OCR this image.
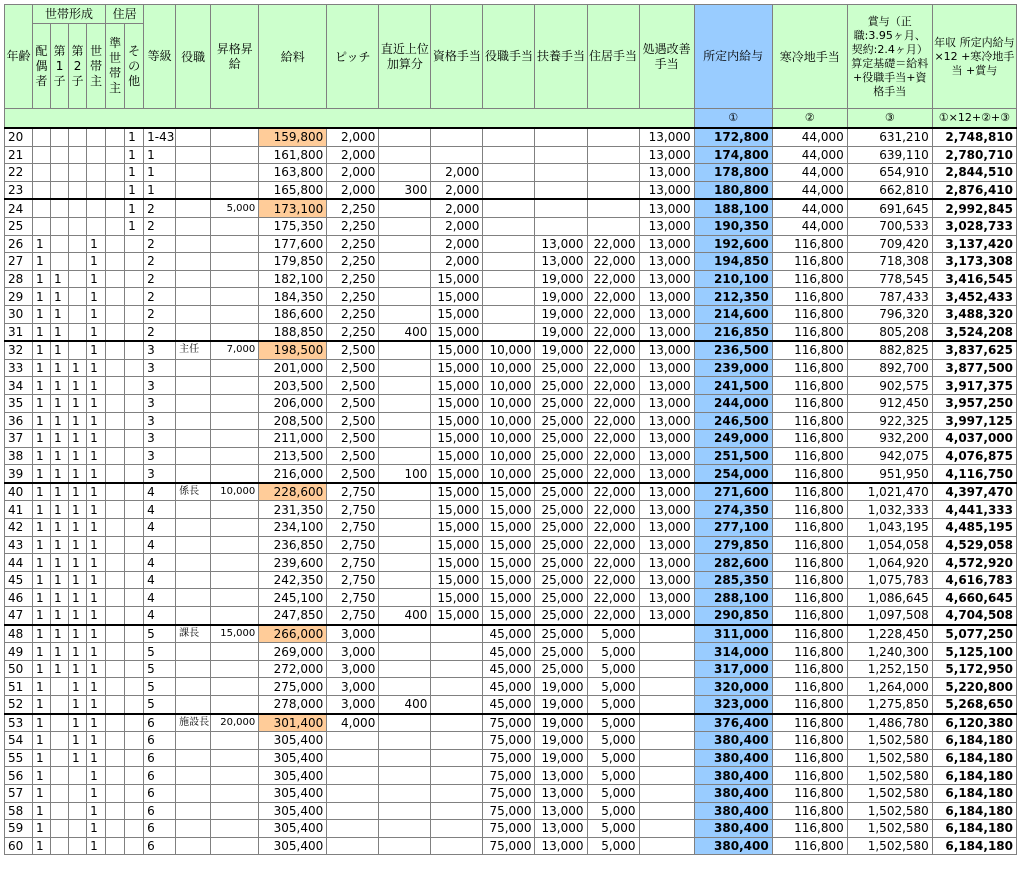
年齢	世帯形成				住居		等級	役職	昇格昇給	給料	ピッチ	直近上位加算分	資格手当	役職手当	扶養手当	住居手当	処遇改善手当	所定内給与	寒冷地手当	賞与（正職:3.95ヶ月、契約:2.4ヶ月）算定基礎＝給料+役職手当+資格手当	年収 所定内給与×12 +寒冷地手当 +賞与
	配偶者	第1子	第2子	世帯主	準世帯主	その他															
																		①	②	③	①×12+②+③
20						1	1-43			159,800	2,000						13,000	172,800	44,000	631,210	2,748,810
21						1	1			161,800	2,000						13,000	174,800	44,000	639,110	2,780,710
22						1	1			163,800	2,000		2,000				13,000	178,800	44,000	654,910	2,844,510
23						1	1			165,800	2,000	300	2,000				13,000	180,800	44,000	662,810	2,876,410
24						1	2		5,000	173,100	2,250		2,000				13,000	188,100	44,000	691,645	2,992,845
25						1	2			175,350	2,250		2,000				13,000	190,350	44,000	700,533	3,028,733
26	1			1			2			177,600	2,250		2,000		13,000	22,000	13,000	192,600	116,800	709,420	3,137,420
27	1			1			2			179,850	2,250		2,000		13,000	22,000	13,000	194,850	116,800	718,308	3,173,308
28	1	1		1			2			182,100	2,250		15,000		19,000	22,000	13,000	210,100	116,800	778,545	3,416,545
29	1	1		1			2			184,350	2,250		15,000		19,000	22,000	13,000	212,350	116,800	787,433	3,452,433
30	1	1		1			2			186,600	2,250		15,000		19,000	22,000	13,000	214,600	116,800	796,320	3,488,320
31	1	1		1			2			188,850	2,250	400	15,000		19,000	22,000	13,000	216,850	116,800	805,208	3,524,208
32	1	1		1			3	主任	7,000	198,500	2,500		15,000	10,000	19,000	22,000	13,000	236,500	116,800	882,825	3,837,625
33	1	1	1	1			3			201,000	2,500		15,000	10,000	25,000	22,000	13,000	239,000	116,800	892,700	3,877,500
34	1	1	1	1			3			203,500	2,500		15,000	10,000	25,000	22,000	13,000	241,500	116,800	902,575	3,917,375
35	1	1	1	1			3			206,000	2,500		15,000	10,000	25,000	22,000	13,000	244,000	116,800	912,450	3,957,250
36	1	1	1	1			3			208,500	2,500		15,000	10,000	25,000	22,000	13,000	246,500	116,800	922,325	3,997,125
37	1	1	1	1			3			211,000	2,500		15,000	10,000	25,000	22,000	13,000	249,000	116,800	932,200	4,037,000
38	1	1	1	1			3			213,500	2,500		15,000	10,000	25,000	22,000	13,000	251,500	116,800	942,075	4,076,875
39	1	1	1	1			3			216,000	2,500	100	15,000	10,000	25,000	22,000	13,000	254,000	116,800	951,950	4,116,750
40	1	1	1	1			4	係長	10,000	228,600	2,750		15,000	15,000	25,000	22,000	13,000	271,600	116,800	1,021,470	4,397,470
41	1	1	1	1			4			231,350	2,750		15,000	15,000	25,000	22,000	13,000	274,350	116,800	1,032,333	4,441,333
42	1	1	1	1			4			234,100	2,750		15,000	15,000	25,000	22,000	13,000	277,100	116,800	1,043,195	4,485,195
43	1	1	1	1			4			236,850	2,750		15,000	15,000	25,000	22,000	13,000	279,850	116,800	1,054,058	4,529,058
44	1	1	1	1			4			239,600	2,750		15,000	15,000	25,000	22,000	13,000	282,600	116,800	1,064,920	4,572,920
45	1	1	1	1			4			242,350	2,750		15,000	15,000	25,000	22,000	13,000	285,350	116,800	1,075,783	4,616,783
46	1	1	1	1			4			245,100	2,750		15,000	15,000	25,000	22,000	13,000	288,100	116,800	1,086,645	4,660,645
47	1	1	1	1			4			247,850	2,750	400	15,000	15,000	25,000	22,000	13,000	290,850	116,800	1,097,508	4,704,508
48	1	1	1	1			5	課長	15,000	266,000	3,000			45,000	25,000	5,000		311,000	116,800	1,228,450	5,077,250
49	1	1	1	1			5			269,000	3,000			45,000	25,000	5,000		314,000	116,800	1,240,300	5,125,100
50	1	1	1	1			5			272,000	3,000			45,000	25,000	5,000		317,000	116,800	1,252,150	5,172,950
51	1		1	1			5			275,000	3,000			45,000	19,000	5,000		320,000	116,800	1,264,000	5,220,800
52	1		1	1			5			278,000	3,000	400		45,000	19,000	5,000		323,000	116,800	1,275,850	5,268,650
53	1		1	1			6	施設長	20,000	301,400	4,000			75,000	19,000	5,000		376,400	116,800	1,486,780	6,120,380
54	1		1	1			6			305,400				75,000	19,000	5,000		380,400	116,800	1,502,580	6,184,180
55	1		1	1			6			305,400				75,000	19,000	5,000		380,400	116,800	1,502,580	6,184,180
56	1			1			6			305,400				75,000	13,000	5,000		380,400	116,800	1,502,580	6,184,180
57	1			1			6			305,400				75,000	13,000	5,000		380,400	116,800	1,502,580	6,184,180
58	1			1			6			305,400				75,000	13,000	5,000		380,400	116,800	1,502,580	6,184,180
59	1			1			6			305,400				75,000	13,000	5,000		380,400	116,800	1,502,580	6,184,180
60	1			1			6			305,400				75,000	13,000	5,000		380,400	116,800	1,502,580	6,184,180
